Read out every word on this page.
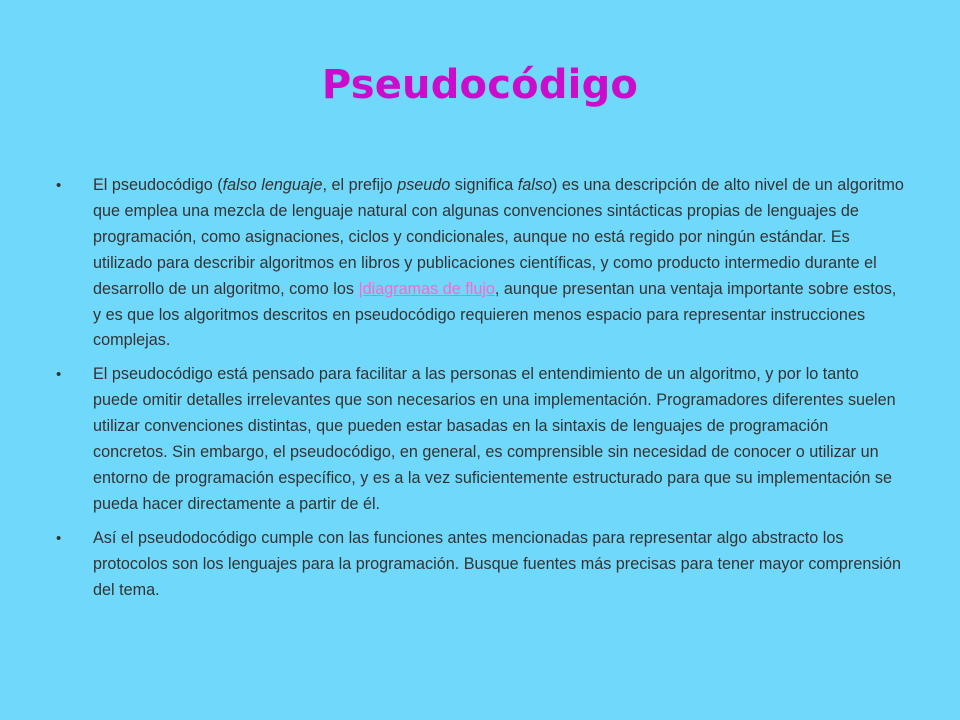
Pseudocódigo
• El pseudocódigo (falso lenguaje, el prefijo pseudo significa falso) es una descripción de alto nivel de un algoritmo que emplea una mezcla de lenguaje natural con algunas convenciones sintácticas propias de lenguajes de programación, como asignaciones, ciclos y condicionales, aunque no está regido por ningún estándar. Es utilizado para describir algoritmos en libros y publicaciones científicas, y como producto intermedio durante el desarrollo de un algoritmo, como los |diagramas de flujo, aunque presentan una ventaja importante sobre estos, y es que los algoritmos descritos en pseudocódigo requieren menos espacio para representar instrucciones complejas.
• El pseudocódigo está pensado para facilitar a las personas el entendimiento de un algoritmo, y por lo tanto puede omitir detalles irrelevantes que son necesarios en una implementación. Programadores diferentes suelen utilizar convenciones distintas, que pueden estar basadas en la sintaxis de lenguajes de programación concretos. Sin embargo, el pseudocódigo, en general, es comprensible sin necesidad de conocer o utilizar un entorno de programación específico, y es a la vez suficientemente estructurado para que su implementación se pueda hacer directamente a partir de él.
• Así el pseudodocódigo cumple con las funciones antes mencionadas para representar algo abstracto los protocolos son los lenguajes para la programación. Busque fuentes más precisas para tener mayor comprensión del tema.
